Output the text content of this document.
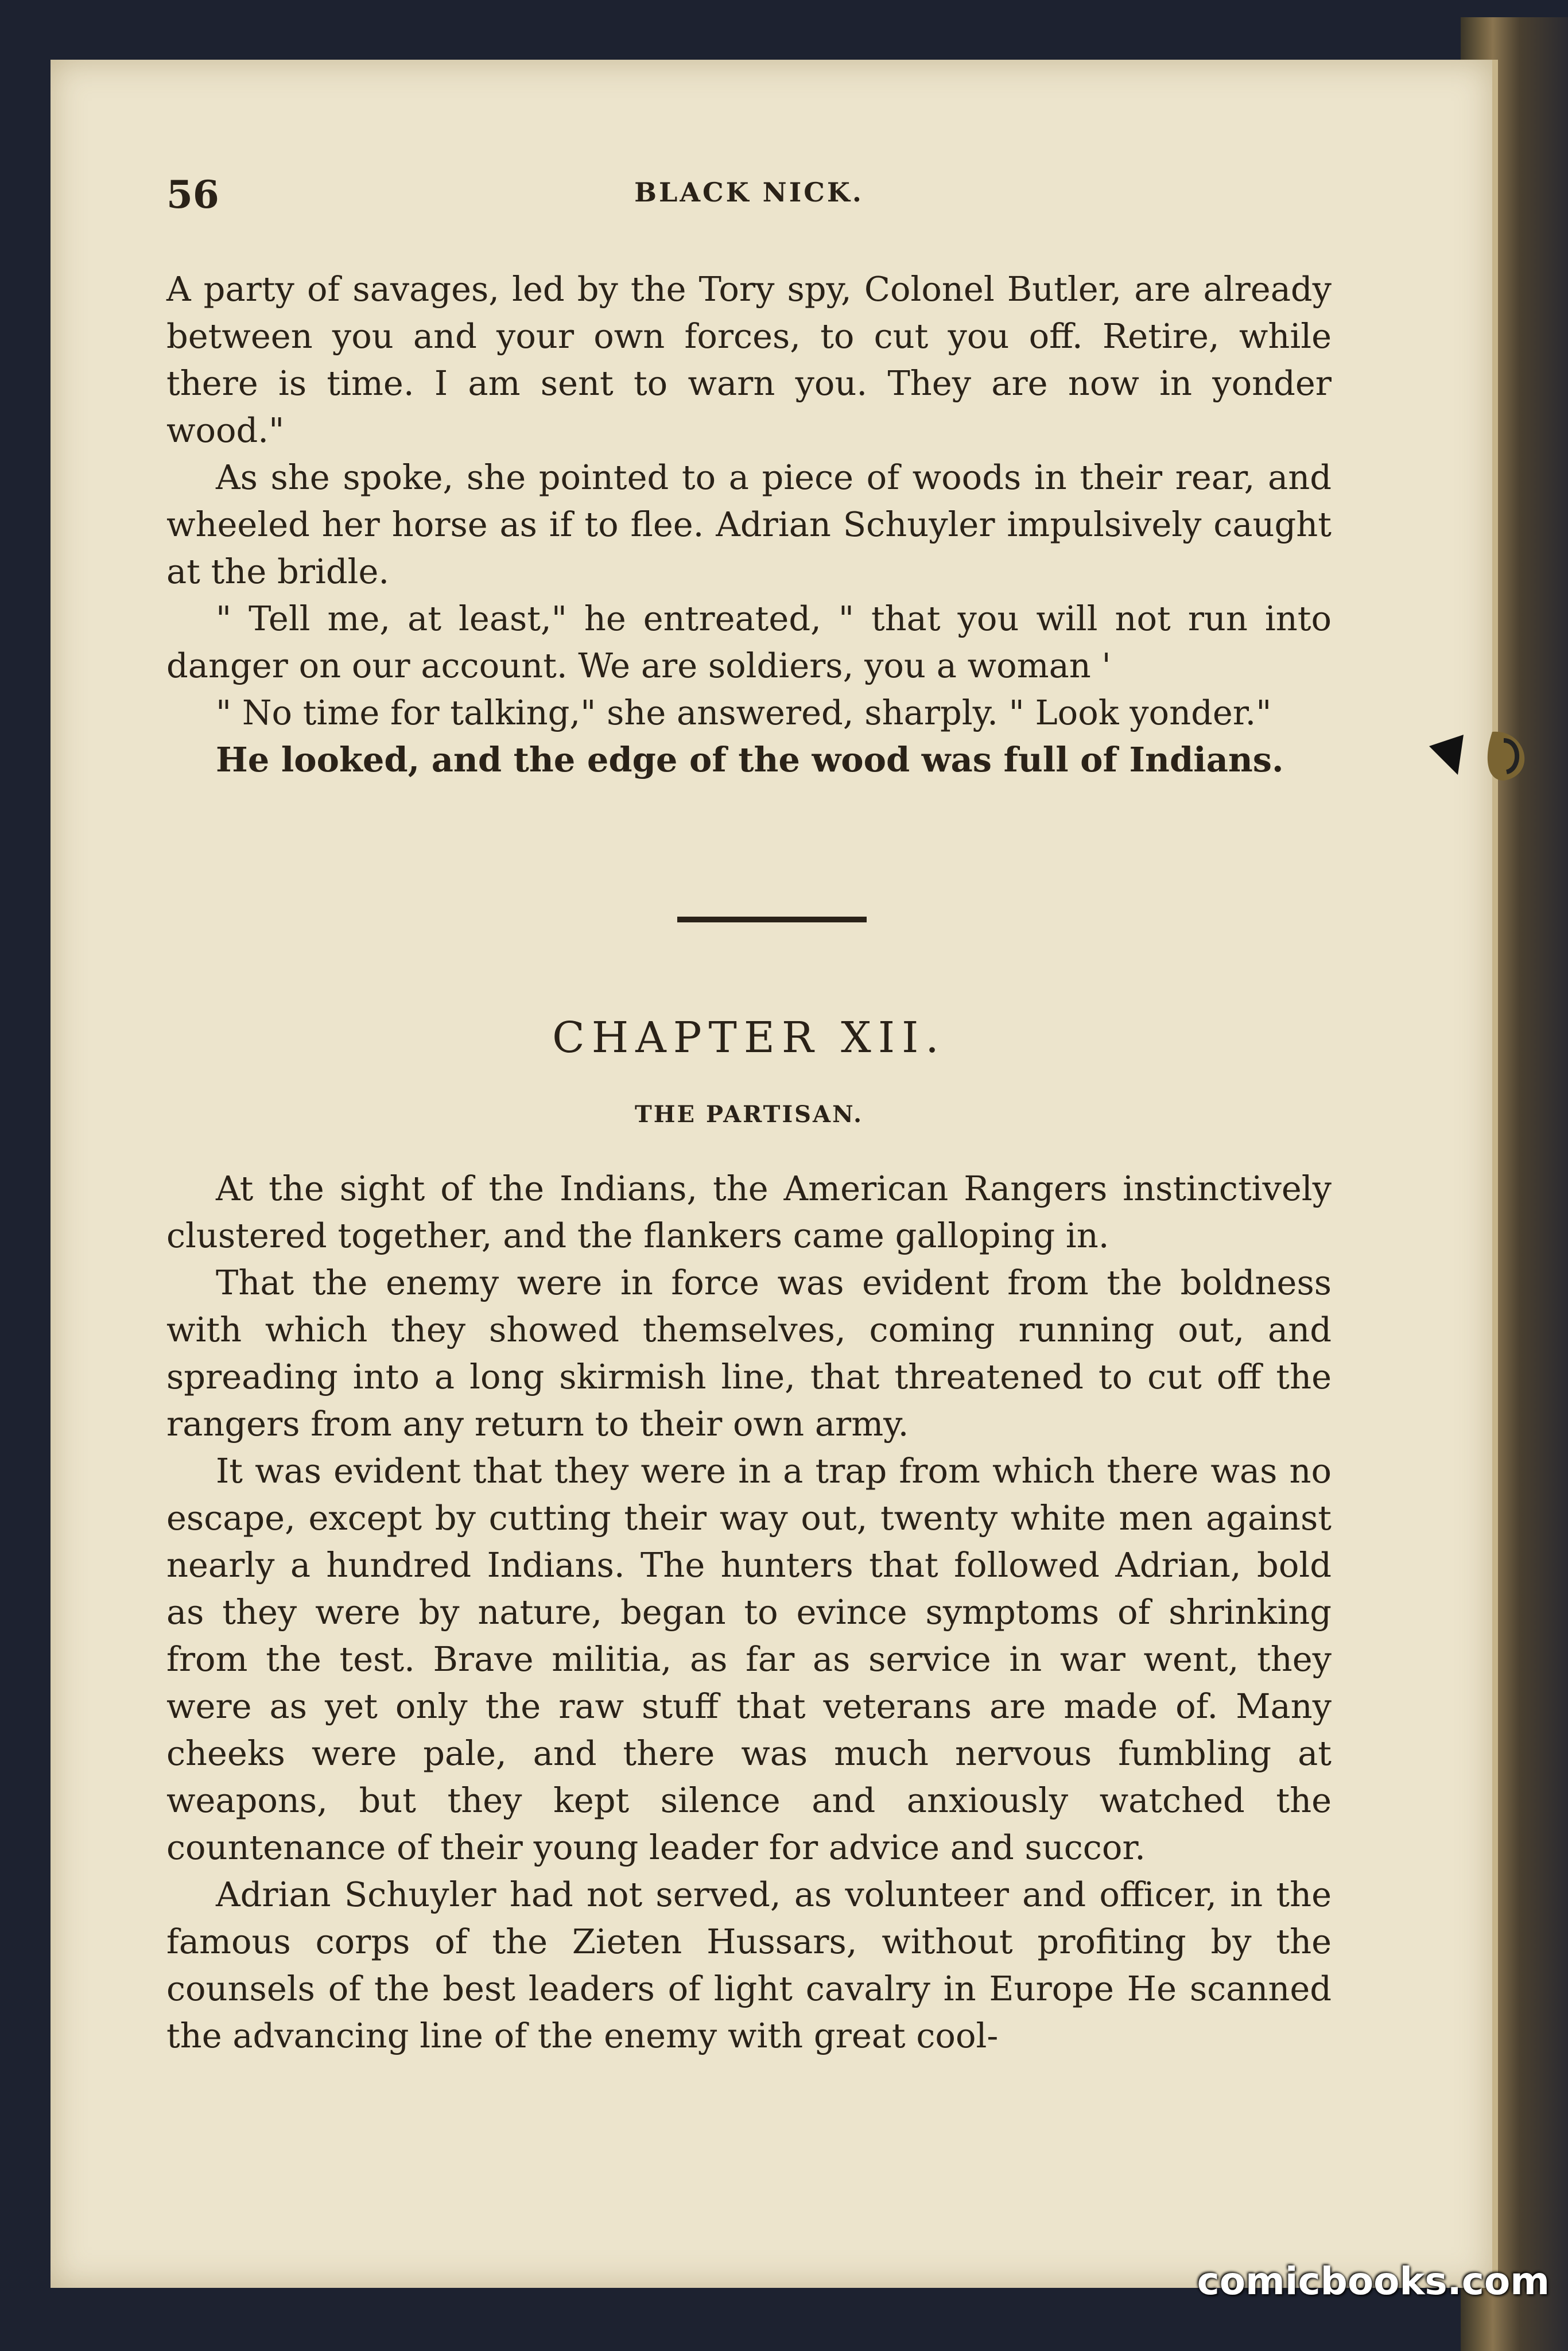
56	BLACK NICK.

A party of savages, led by the Tory spy, Colonel Butler, are already between you and your own forces, to cut you off. Retire, while there is time. I am sent to warn you. They are now in yonder wood."

As she spoke, she pointed to a piece of woods in their rear, and wheeled her horse as if to flee. Adrian Schuyler impulsively caught at the bridle.

" Tell me, at least," he entreated, " that you will not run into danger on our account. We are soldiers, you a woman '

" No time for talking," she answered, sharply. " Look yonder."

He looked, and the edge of the wood was full of Indians.

CHAPTER XII.
THE PARTISAN.

At the sight of the Indians, the American Rangers instinctively clustered together, and the flankers came galloping in.

That the enemy were in force was evident from the boldness with which they showed themselves, coming running out, and spreading into a long skirmish line, that threatened to cut off the rangers from any return to their own army.

It was evident that they were in a trap from which there was no escape, except by cutting their way out, twenty white men against nearly a hundred Indians. The hunters that followed Adrian, bold as they were by nature, began to evince symptoms of shrinking from the test. Brave militia, as far as service in war went, they were as yet only the raw stuff that veterans are made of. Many cheeks were pale, and there was much nervous fumbling at weapons, but they kept silence and anxiously watched the countenance of their young leader for advice and succor.

Adrian Schuyler had not served, as volunteer and officer, in the famous corps of the Zieten Hussars, without profiting by the counsels of the best leaders of light cavalry in Europe He scanned the advancing line of the enemy with great cool-

comicbooks.com
